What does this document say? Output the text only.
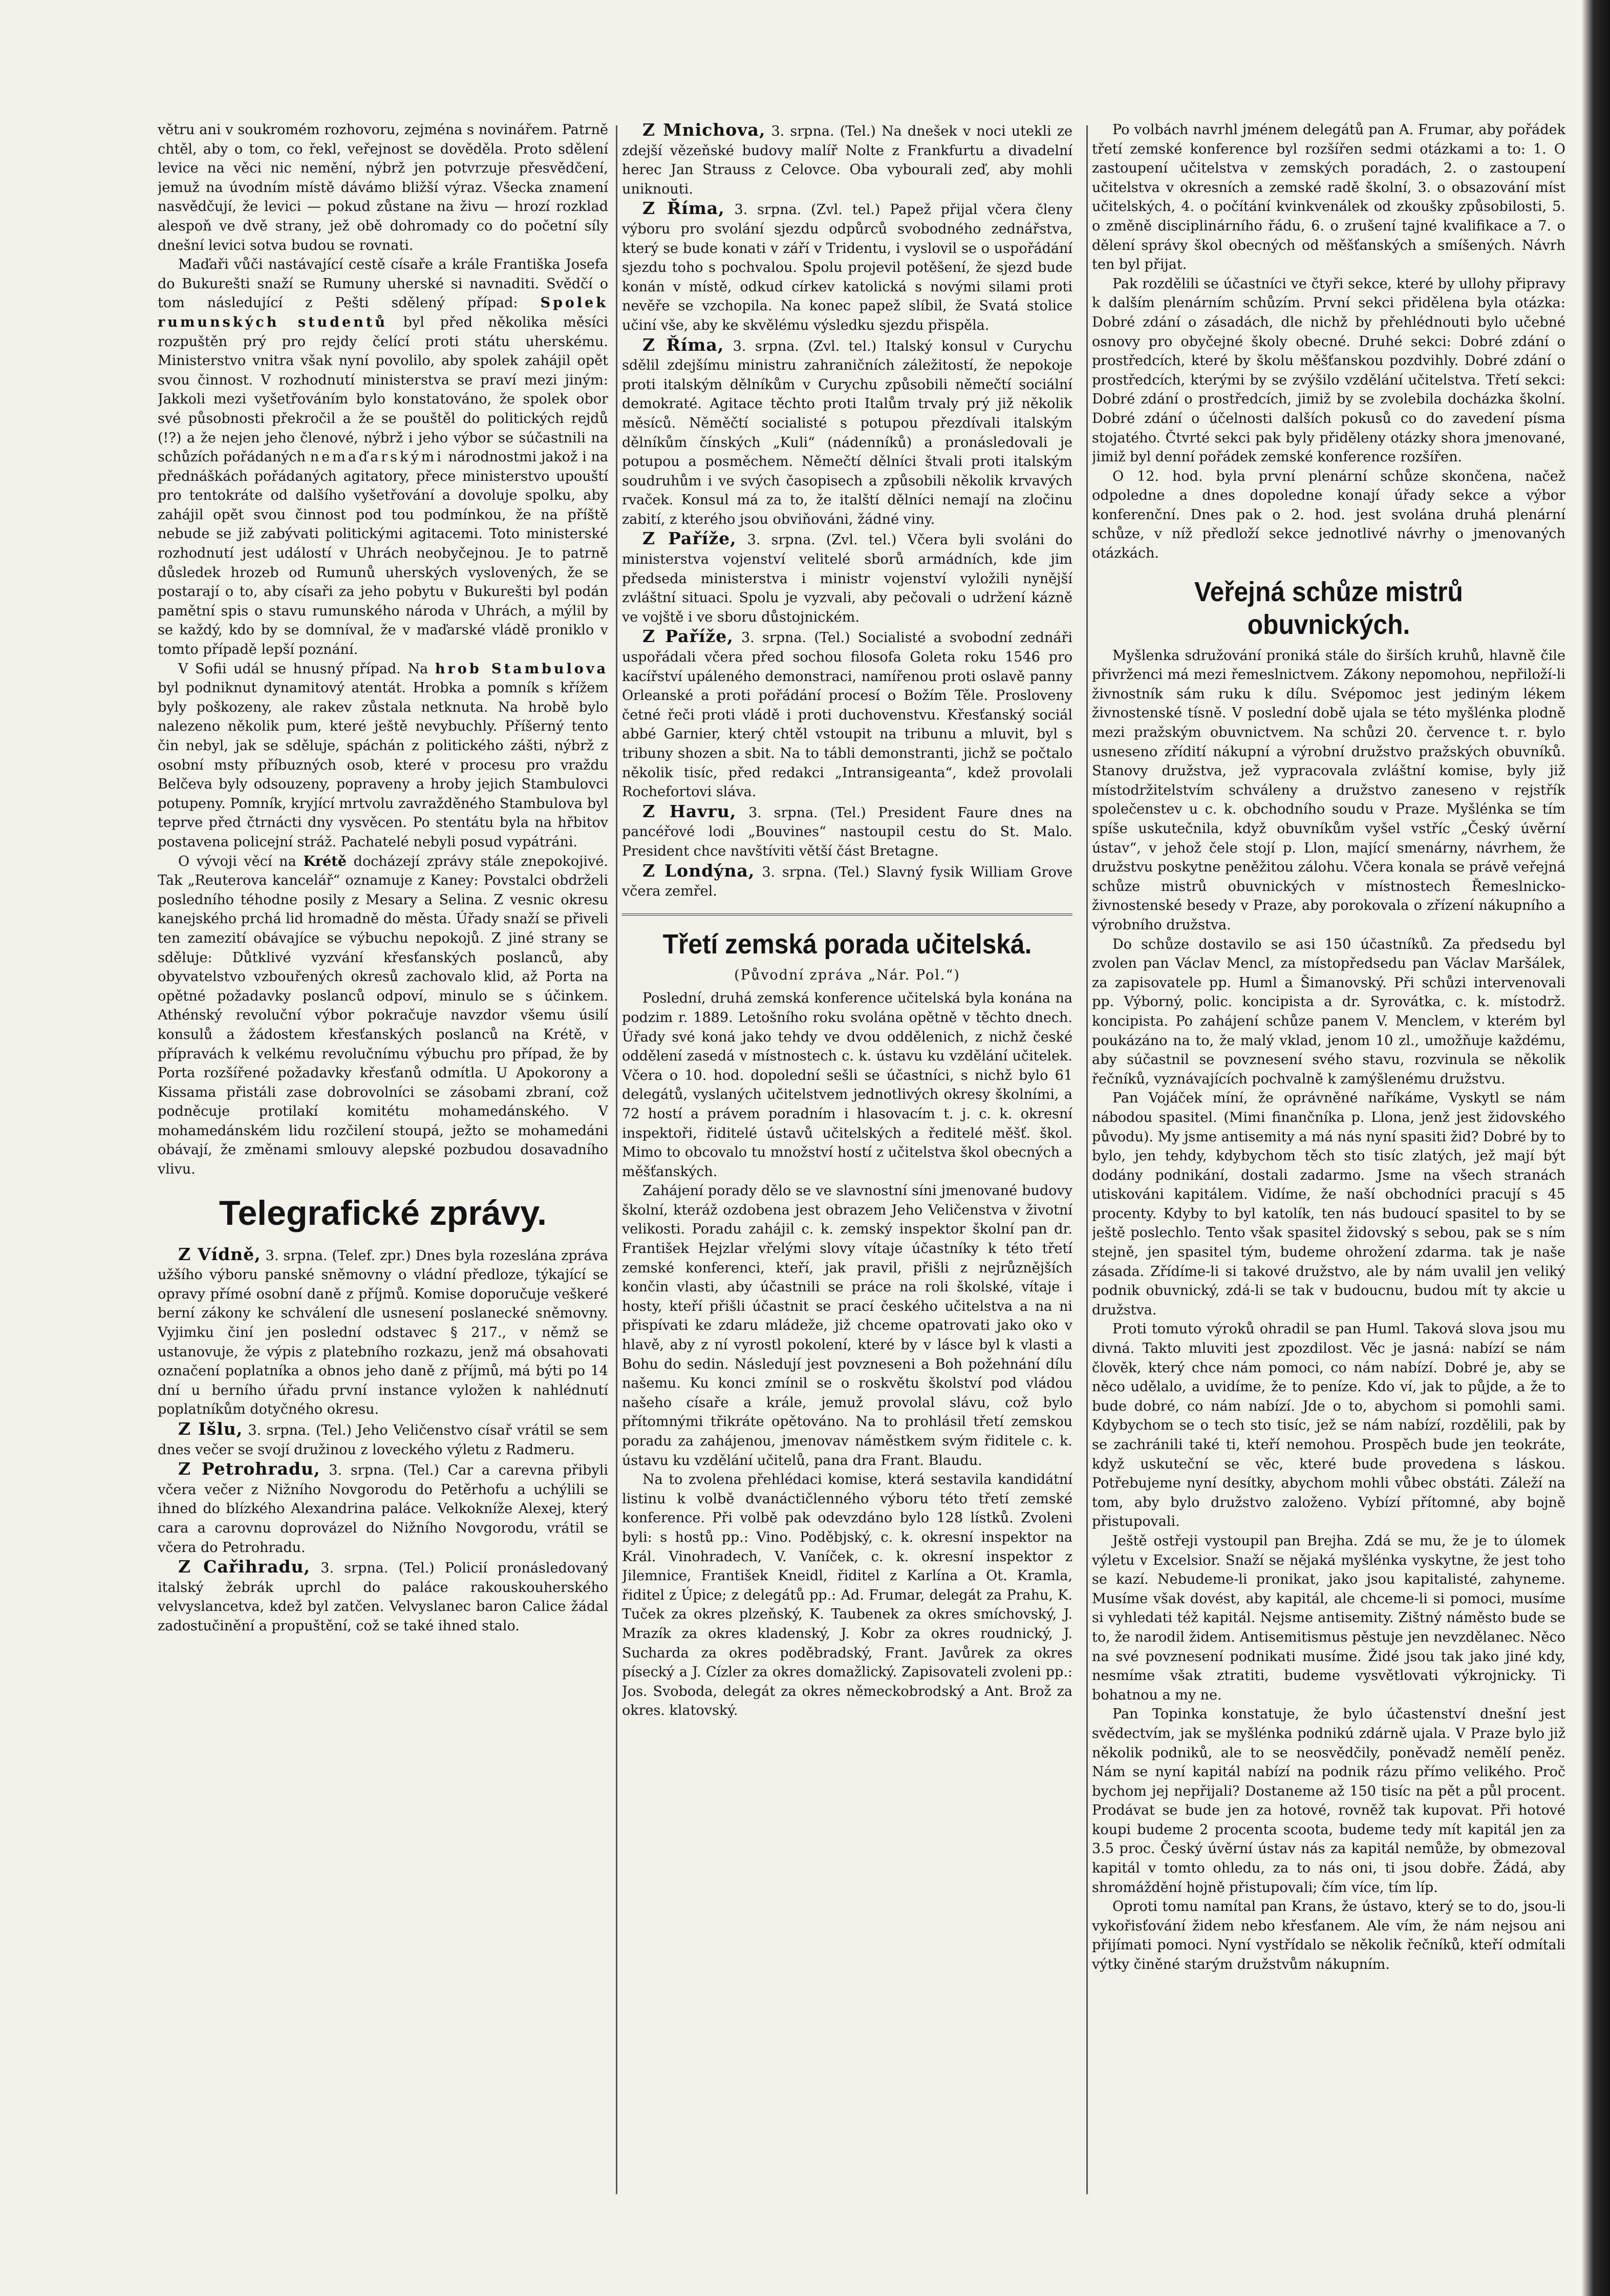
větru ani v soukromém rozhovoru, zejména s novinářem. Patrně chtěl, aby o tom, co řekl, veřejnost se dověděla. Proto sdělení levice na věci nic nemění, nýbrž jen potvrzuje přesvědčení, jemuž na úvodním místě dávámo bližší výraz. Všecka znamení nasvědčují, že levici — pokud zůstane na živu — hrozí rozklad alespoň ve dvě strany, jež obě dohromady co do početní síly dnešní levici sotva budou se rovnati.

Maďaři vůči nastávající cestě císaře a krále Františka Josefa do Bukurešti snaží se Rumuny uherské si navnaditi. Svědčí o tom následující z Pešti sdělený případ: Spolek rumunských studentů byl před několika měsíci rozpuštěn prý pro rejdy čelící proti státu uherskému. Ministerstvo vnitra však nyní povolilo, aby spolek zahájil opět svou činnost. V rozhodnutí ministerstva se praví mezi jiným: Jakkoli mezi vyšetřováním bylo konstatováno, že spolek obor své působnosti překročil a že se pouštěl do politických rejdů (!?) a že nejen jeho členové, nýbrž i jeho výbor se súčastnili na schůzích pořádaných nemaďarskými národnostmi jakož i na přednáškách pořádaných agitatory, přece ministerstvo upouští pro tentokráte od dalšího vyšetřování a dovoluje spolku, aby zahájil opět svou činnost pod tou podmínkou, že na příště nebude se již zabývati politickými agitacemi. Toto ministerské rozhodnutí jest událostí v Uhrách neobyčejnou. Je to patrně důsledek hrozeb od Rumunů uherských vyslovených, že se postarají o to, aby císaři za jeho pobytu v Bukurešti byl podán pamětní spis o stavu rumunského národa v Uhrách, a mýlil by se každý, kdo by se domníval, že v maďarské vládě proniklo v tomto případě lepší poznání.

V Sofii udál se hnusný případ. Na hrob Stambulova byl podniknut dynamitový atentát. Hrobka a pomník s křížem byly poškozeny, ale rakev zůstala netknuta. Na hrobě bylo nalezeno několik pum, které ještě nevybuchly. Příšerný tento čin nebyl, jak se sděluje, spáchán z politického zášti, nýbrž z osobní msty příbuzných osob, které v procesu pro vraždu Belčeva byly odsouzeny, popraveny a hroby jejich Stambulovci potupeny. Pomník, kryjící mrtvolu zavražděného Stambulova byl teprve před čtrnácti dny vysvěcen. Po stentátu byla na hřbitov postavena policejní stráž. Pachatelé nebyli posud vypátráni.

O vývoji věcí na Krétě docházejí zprávy stále znepokojivé. Tak „Reuterova kancelář“ oznamuje z Kaney: Povstalci obdrželi posledního téhodne posily z Mesary a Selina. Z vesnic okresu kanejského prchá lid hromadně do města. Úřady snaží se přiveli ten zamezití obávajíce se výbuchu nepokojů. Z jiné strany se sděluje: Důtklivé vyzvání křesťanských poslanců, aby obyvatelstvo vzbouřených okresů zachovalo klid, až Porta na opětné požadavky poslanců odpoví, minulo se s účinkem. Athénský revoluční výbor pokračuje navzdor všemu úsilí konsulů a žádostem křesťanských poslanců na Krétě, v přípravách k velkému revolučnímu výbuchu pro případ, že by Porta rozšířené požadavky křesťanů odmítla. U Apokorony a Kissama přistáli zase dobrovolníci se zásobami zbraní, což podněcuje protilakí komitétu mohamedánského. V mohamedánském lidu rozčilení stoupá, ježto se mohamedáni obávají, že změnami smlouvy alepské pozbudou dosavadního vlivu.

Telegrafické zprávy.

Z Vídně, 3. srpna. (Telef. zpr.) Dnes byla rozeslána zpráva užšího výboru panské sněmovny o vládní předloze, týkající se opravy přímé osobní daně z příjmů. Komise doporučuje veškeré berní zákony ke schválení dle usnesení poslanecké sněmovny. Vyjimku činí jen poslední odstavec § 217., v němž se ustanovuje, že výpis z platebního rozkazu, jenž má obsahovati označení poplatníka a obnos jeho daně z příjmů, má býti po 14 dní u berního úřadu první instance vyložen k nahlédnutí poplatníkům dotyčného okresu.

Z Išlu, 3. srpna. (Tel.) Jeho Veličenstvo císař vrátil se sem dnes večer se svojí družinou z loveckého výletu z Radmeru.

Z Petrohradu, 3. srpna. (Tel.) Car a carevna přibyli včera večer z Nižního Novgorodu do Petěrhofu a uchýlili se ihned do blízkého Alexandrina paláce. Velkokníže Alexej, který cara a carovnu doprovázel do Nižního Novgorodu, vrátil se včera do Petrohradu.

Z Cařihradu, 3. srpna. (Tel.) Policií pronásledovaný italský žebrák uprchl do paláce rakouskouherského velvyslancetva, kdež byl zatčen. Velvyslanec baron Calice žádal zadostučinění a propuštění, což se také ihned stalo.

Z Mnichova, 3. srpna. (Tel.) Na dnešek v noci utekli ze zdejší vězeňské budovy malíř Nolte z Frankfurtu a divadelní herec Jan Strauss z Celovce. Oba vybourali zeď, aby mohli uniknouti.

Z Říma, 3. srpna. (Zvl. tel.) Papež přijal včera členy výboru pro svolání sjezdu odpůrců svobodného zednářstva, který se bude konati v září v Tridentu, i vyslovil se o uspořádání sjezdu toho s pochvalou. Spolu projevil potěšení, že sjezd bude konán v místě, odkud církev katolická s novými silami proti nevěře se vzchopila. Na konec papež slíbil, že Svatá stolice učiní vše, aby ke skvělému výsledku sjezdu přispěla.

Z Říma, 3. srpna. (Zvl. tel.) Italský konsul v Curychu sdělil zdejšímu ministru zahraničních záležitostí, že nepokoje proti italským dělníkům v Curychu způsobili němečtí sociální demokraté. Agitace těchto proti Italům trvaly prý již několik měsíců. Něměčtí socialisté s potupou přezdívali italským dělníkům čínských „Kuli“ (nádenníků) a pronásledovali je potupou a posměchem. Němečtí dělníci štvali proti italským soudruhům i ve svých časopisech a způsobili několik krvavých rvaček. Konsul má za to, že italští dělníci nemají na zločinu zabití, z kterého jsou obviňováni, žádné viny.

Z Paříže, 3. srpna. (Zvl. tel.) Včera byli svoláni do ministerstva vojenství velitelé sborů armádních, kde jim předseda ministerstva i ministr vojenství vyložili nynější zvláštní situaci. Spolu je vyzvali, aby pečovali o udržení kázně ve vojště i ve sboru důstojnickém.

Z Paříže, 3. srpna. (Tel.) Socialisté a svobodní zednáři uspořádali včera před sochou filosofa Goleta roku 1546 pro kacířství upáleného demonstraci, namířenou proti oslavě panny Orleanské a proti pořádání procesí o Božím Těle. Prosloveny četné řeči proti vládě i proti duchovenstvu. Křesťanský sociál abbé Garnier, který chtěl vstoupit na tribunu a mluvit, byl s tribuny shozen a sbit. Na to tábli demonstranti, jichž se počtalo několik tisíc, před redakci „Intransigeanta“, kdež provolali Rochefortovi sláva.

Z Havru, 3. srpna. (Tel.) President Faure dnes na pancéřové lodi „Bouvines“ nastoupil cestu do St. Malo. President chce navštíviti větší část Bretagne.

Z Londýna, 3. srpna. (Tel.) Slavný fysik William Grove včera zemřel.

Třetí zemská porada učitelská.
(Původní zpráva „Nár. Pol.“)

Poslední, druhá zemská konference učitelská byla konána na podzim r. 1889. Letošního roku svolána opětně v těchto dnech. Úřady své koná jako tehdy ve dvou oddělenich, z nichž české oddělení zasedá v místnostech c. k. ústavu ku vzdělání učitelek. Včera o 10. hod. dopolední sešli se účastníci, s nichž bylo 61 delegátů, vyslaných učitelstvem jednotlivých okresy školními, a 72 hostí a právem poradním i hlasovacím t. j. c. k. okresní inspektoři, řiditelé ústavů učitelských a ředitelé měšť. škol. Mimo to obcovalo tu množství hostí z učitelstva škol obecných a měšťanských.

Zahájení porady dělo se ve slavnostní síni jmenované budovy školní, kteráž ozdobena jest obrazem Jeho Veličenstva v životní velikosti. Poradu zahájil c. k. zemský inspektor školní pan dr. František Hejzlar vřelými slovy vítaje účastníky k této třetí zemské konferenci, kteří, jak pravil, přišli z nejrůznějších končin vlasti, aby účastnili se práce na roli školské, vítaje i hosty, kteří přišli účastnit se prací českého učitelstva a na ni přispívati ke zdaru mládeže, již chceme opatrovati jako oko v hlavě, aby z ní vyrostl pokolení, které by v lásce byl k vlasti a Bohu do sedin. Následují jest povzneseni a Boh požehnání dílu našemu. Ku konci zmínil se o roskvětu školství pod vládou našeho císaře a krále, jemuž provolal slávu, což bylo přítomnými třikráte opětováno. Na to prohlásil třetí zemskou poradu za zahájenou, jmenovav náměstkem svým řiditele c. k. ústavu ku vzdělání učitelů, pana dra Frant. Blaudu.

Na to zvolena přehlédaci komise, která sestavila kandidátní listinu k volbě dvanáctičlenného výboru této třetí zemské konference. Při volbě pak odevzdáno bylo 128 lístků. Zvoleni byli: s hostů pp.: Vino. Poděbjský, c. k. okresní inspektor na Král. Vinohradech, V. Vaníček, c. k. okresní inspektor z Jilemnice, František Kneidl, řiditel z Karlína a Ot. Kramla, řiditel z Úpice; z delegátů pp.: Ad. Frumar, delegát za Prahu, K. Tuček za okres plzeňský, K. Taubenek za okres smíchovský, J. Mrazík za okres kladenský, J. Kobr za okres roudnický, J. Sucharda za okres poděbradský, Frant. Javůrek za okres písecký a J. Cízler za okres domažlický. Zapisovateli zvoleni pp.: Jos. Svoboda, delegát za okres německobrodský a Ant. Brož za okres. klatovský.

Po volbách navrhl jménem delegátů pan A. Frumar, aby pořádek třetí zemské konference byl rozšířen sedmi otázkami a to: 1. O zastoupení učitelstva v zemských poradách, 2. o zastoupení učitelstva v okresních a zemské radě školní, 3. o obsazování míst učitelských, 4. o počítání kvinkvenálek od zkoušky způsobilosti, 5. o změně disciplinárního řádu, 6. o zrušení tajné kvalifikace a 7. o dělení správy škol obecných od měšťanských a smíšených. Návrh ten byl přijat.

Pak rozdělili se účastníci ve čtyři sekce, které by ullohy připravy k dalším plenárním schůzím. První sekci přidělena byla otázka: Dobré zdání o zásadách, dle nichž by přehlédnouti bylo učebné osnovy pro obyčejné školy obecné. Druhé sekci: Dobré zdání o prostředcích, které by školu měšťanskou pozdvihly. Dobré zdání o prostředcích, kterými by se zvýšilo vzdělání učitelstva. Třetí sekci: Dobré zdání o prostředcích, jimiž by se zvolebila docházka školní. Dobré zdání o účelnosti dalších pokusů co do zavedení písma stojatého. Čtvrté sekci pak byly přiděleny otázky shora jmenované, jimiž byl denní pořádek zemské konference rozšířen.

O 12. hod. byla první plenární schůze skončena, načež odpoledne a dnes dopoledne konají úřady sekce a výbor konferenční. Dnes pak o 2. hod. jest svolána druhá plenární schůze, v níž předloží sekce jednotlivé návrhy o jmenovaných otázkách.

Veřejná schůze mistrů obuvnických.

Myšlenka sdružování proniká stále do širších kruhů, hlavně čile přivrženci má mezi řemeslnictvem. Zákony nepomohou, nepřiloží-li živnostník sám ruku k dílu. Svépomoc jest jediným lékem živnostenské tísně. V poslední době ujala se této myšlénka plodně mezi pražským obuvnictvem. Na schůzi 20. července t. r. bylo usneseno zřídití nákupní a výrobní družstvo pražských obuvníků. Stanovy družstva, jež vypracovala zvláštní komise, byly již místodržitelstvím schváleny a družstvo zaneseno v rejstřík společenstev u c. k. obchodního soudu v Praze. Myšlénka se tím spíše uskutečnila, když obuvníkům vyšel vstříc „Český úvěrní ústav“, v jehož čele stojí p. Llon, mající smenárny, návrhem, že družstvu poskytne peněžitou zálohu. Včera konala se právě veřejná schůze mistrů obuvnických v místnostech Řemeslnicko-živnostenské besedy v Praze, aby porokovala o zřízení nákupního a výrobního družstva.

Do schůze dostavilo se asi 150 účastníků. Za předsedu byl zvolen pan Václav Mencl, za místopředsedu pan Václav Maršálek, za zapisovatele pp. Huml a Šimanovský. Při schůzi intervenovali pp. Výborný, polic. koncipista a dr. Syrovátka, c. k. místodrž. koncipista. Po zahájení schůze panem V. Menclem, v kterém byl poukázáno na to, že malý vklad, jenom 10 zl., umožňuje každému, aby súčastnil se povznesení svého stavu, rozvinula se několik řečníků, vyznávajících pochvalně k zamýšlenému družstvu.

Pan Vojáček míní, že oprávněné naříkáme, Vyskytl se nám nábodou spasitel. (Mimi finančníka p. Llona, jenž jest židovského původu). My jsme antisemity a má nás nyní spasiti žid? Dobré by to bylo, jen tehdy, kdybychom těch sto tisíc zlatých, jež mají být dodány podnikání, dostali zadarmo. Jsme na všech stranách utiskováni kapitálem. Vidíme, že naší obchodníci pracují s 45 procenty. Kdyby to byl katolík, ten nás budoucí spasitel to by se ještě poslechlo. Tento však spasitel židovský s sebou, pak se s ním stejně, jen spasitel tým, budeme ohrožení zdarma. tak je naše zásada. Zřídíme-li si takové družstvo, ale by nám uvalil jen veliký podnik obuvnický, zdá-li se tak v budoucnu, budou mít ty akcie u družstva.

Proti tomuto výroků ohradil se pan Huml. Taková slova jsou mu divná. Takto mluviti jest zpozdilost. Věc je jasná: nabízí se nám člověk, který chce nám pomoci, co nám nabízí. Dobré je, aby se něco udělalo, a uvidíme, že to peníze. Kdo ví, jak to půjde, a že to bude dobré, co nám nabízí. Jde o to, abychom si pomohli sami. Kdybychom se o tech sto tisíc, jež se nám nabízí, rozdělili, pak by se zachránili také ti, kteří nemohou. Prospěch bude jen teokráte, když uskuteční se věc, které bude provedena s láskou. Potřebujeme nyní desítky, abychom mohli vůbec obstáti. Záleží na tom, aby bylo družstvo založeno. Vybízí přítomné, aby bojně přistupovali.

Ještě ostřeji vystoupil pan Brejha. Zdá se mu, že je to úlomek výletu v Excelsior. Snaží se nějaká myšlénka vyskytne, že jest toho se kazí. Nebudeme-li pronikat, jako jsou kapitalisté, zahyneme. Musíme však dovést, aby kapitál, ale chceme-li si pomoci, musíme si vyhledati též kapitál. Nejsme antisemity. Zištný náměsto bude se to, že narodil židem. Antisemitismus pěstuje jen nevzdělanec. Něco na své povznesení podnikati musíme. Židé jsou tak jako jiné kdy, nesmíme však ztratiti, budeme vysvětlovati výkrojnicky. Ti bohatnou a my ne.

Pan Topinka konstatuje, že bylo účastenství dnešní jest svědectvím, jak se myšlénka podnikú zdárně ujala. V Praze bylo již několik podniků, ale to se neosvědčily, poněvadž nemělí peněz. Nám se nyní kapitál nabízí na podnik rázu přímo velikého. Proč bychom jej nepřijali? Dostaneme až 150 tisíc na pět a půl procent. Prodávat se bude jen za hotové, rovněž tak kupovat. Při hotové koupi budeme 2 procenta scoota, budeme tedy mít kapitál jen za 3.5 proc. Český úvěrní ústav nás za kapitál nemůže, by obmezoval kapitál v tomto ohledu, za to nás oni, ti jsou dobře. Žádá, aby shromáždění hojně přistupovali; čím více, tím líp.

Oproti tomu namítal pan Krans, že ústavo, který se to do, jsou-li vykořisťování židem nebo křesťanem. Ale vím, že nám nejsou ani přijímati pomoci. Nyní vystřídalo se několik řečníků, kteří odmítali výtky činěné starým družstvům nákupním.
